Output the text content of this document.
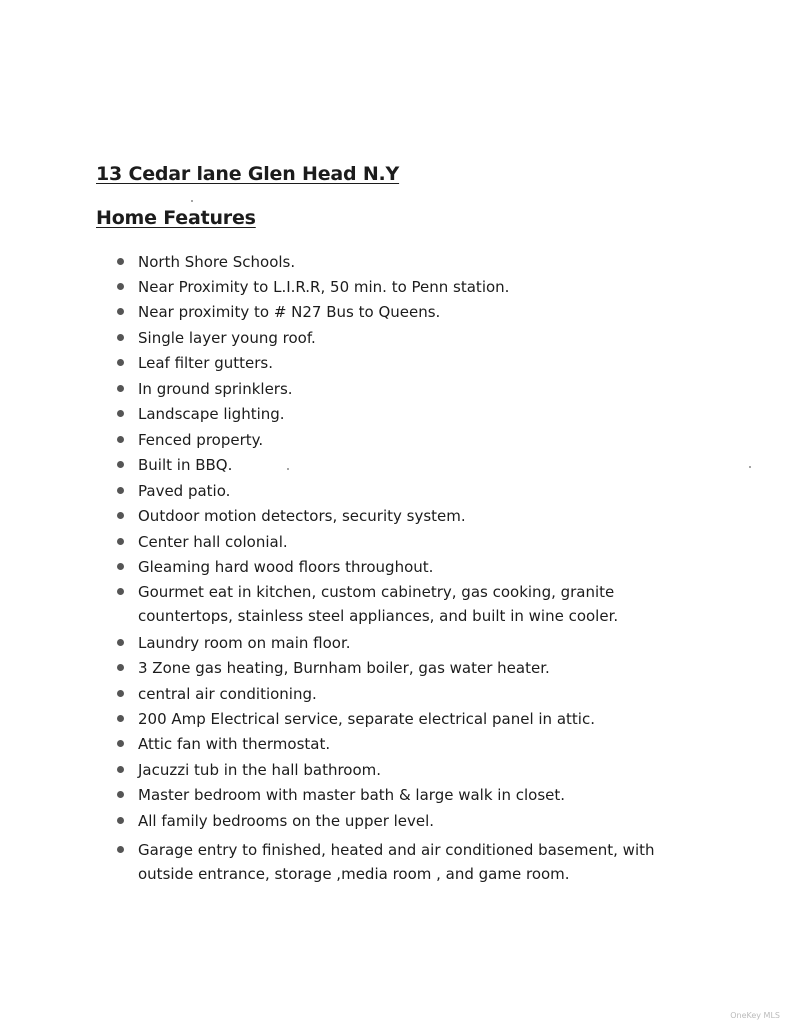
13 Cedar lane Glen Head N.Y
Home Features
North Shore Schools.
Near Proximity to L.I.R.R, 50 min. to Penn station.
Near proximity to # N27 Bus to Queens.
Single layer young roof.
Leaf filter gutters.
In ground sprinklers.
Landscape lighting.
Fenced property.
Built in BBQ.
Paved patio.
Outdoor motion detectors, security system.
Center hall colonial.
Gleaming hard wood floors throughout.
Gourmet eat in kitchen, custom cabinetry, gas cooking, granite
countertops, stainless steel appliances, and built in wine cooler.
Laundry room on main floor.
3 Zone gas heating, Burnham boiler, gas water heater.
central air conditioning.
200 Amp Electrical service, separate electrical panel in attic.
Attic fan with thermostat.
Jacuzzi tub in the hall bathroom.
Master bedroom with master bath & large walk in closet.
All family bedrooms on the upper level.
Garage entry to finished, heated and air conditioned basement, with
outside entrance, storage ,media room , and game room.
OneKey MLS
